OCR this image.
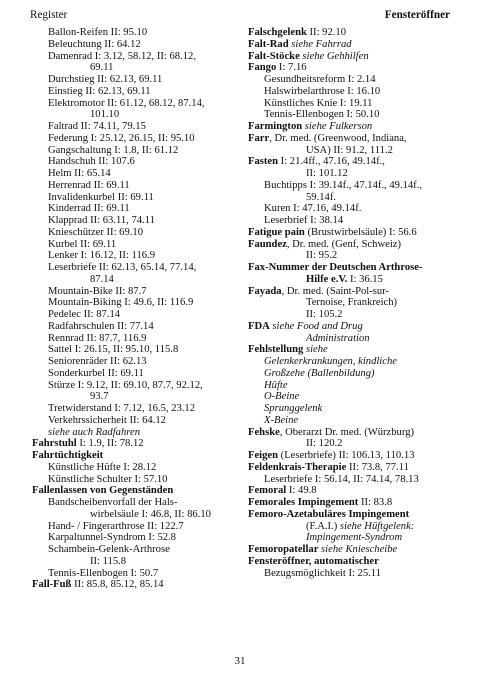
Register	Fensteröffner
Ballon-Reifen II: 95.10
Beleuchtung II: 64.12
Damenrad I: 3.12, 58.12, II: 68.12,
69.11
Durchstieg II: 62.13, 69.11
Einstieg II: 62.13, 69.11
Elektromotor II: 61.12, 68.12, 87.14,
101.10
Faltrad II: 74.11, 79.15
Federung I: 25.12, 26.15, II: 95.10
Gangschaltung I: 1.8, II: 61.12
Handschuh II: 107.6
Helm II: 65.14
Herrenrad II: 69.11
Invalidenkurbel II: 69.11
Kinderrad II: 69.11
Klapprad II: 63.11, 74.11
Knieschützer II: 69.10
Kurbel II: 69.11
Lenker I: 16.12, II: 116.9
Leserbriefe II: 62.13, 65.14, 77.14,
87.14
Mountain-Bike II: 87.7
Mountain-Biking I: 49.6, II: 116.9
Pedelec II: 87.14
Radfahrschulen II: 77.14
Rennrad II: 87.7, 116.9
Sattel I: 26.15, II: 95.10, 115.8
Seniorenräder II: 62.13
Sonderkurbel II: 69.11
Stürze I: 9.12, II: 69.10, 87.7, 92.12,
93.7
Tretwiderstand I: 7.12, 16.5, 23.12
Verkehrssicherheit II: 64.12
siehe auch Radfahren
Fahrstuhl I: 1.9, II: 78.12
Fahrtüchtigkeit
Künstliche Hüfte I: 28.12
Künstliche Schulter I: 57.10
Fallenlassen von Gegenständen
Bandscheibenvorfall der Hals-
wirbelsäule I: 46.8, II: 86.10
Hand- / Fingerarthrose II: 122.7
Karpaltunnel-Syndrom I: 52.8
Schambein-Gelenk-Arthrose
II: 115.8
Tennis-Ellenbogen I: 50.7
Fall-Fuß II: 85.8, 85.12, 85.14
Falschgelenk II: 92.10
Falt-Rad siehe Fahrrad
Falt-Stöcke siehe Gehhilfen
Fango I: 7.16
Gesundheitsreform I: 2.14
Halswirbelarthrose I: 16.10
Künstliches Knie I: 19.11
Tennis-Ellenbogen I: 50.10
Farmington siehe Fulkerson
Farr, Dr. med. (Greenwood, Indiana,
USA) II: 91.2, 111.2
Fasten I: 21.4ff., 47.16, 49.14f.,
II: 101.12
Buchtipps I: 39.14f., 47.14f., 49.14f.,
59.14f.
Kuren I: 47.16, 49.14f.
Leserbrief I: 38.14
Fatigue pain (Brustwirbelsäule) I: 56.6
Faundez, Dr. med. (Genf, Schweiz)
II: 95.2
Fax-Nummer der Deutschen Arthrose-
Hilfe e.V. I: 36.15
Fayada, Dr. med. (Saint-Pol-sur-
Ternoise, Frankreich)
II: 105.2
FDA siehe Food and Drug
Administration
Fehlstellung siehe
Gelenkerkrankungen, kindliche
Großzehe (Ballenbildung)
Hüfte
O-Beine
Sprunggelenk
X-Beine
Fehske, Oberarzt Dr. med. (Würzburg)
II: 120.2
Feigen (Leserbriefe) II: 106.13, 110.13
Feldenkrais-Therapie II: 73.8, 77.11
Leserbriefe I: 56.14, II: 74.14, 78.13
Femoral I: 49.8
Femorales Impingement II: 83.8
Femoro-Azetabuläres Impingement
(F.A.I.) siehe Hüftgelenk:
Impingement-Syndrom
Femoropatellar siehe Kniescheibe
Fensteröffner, automatischer
Bezugsmöglichkeit I: 25.11
31
